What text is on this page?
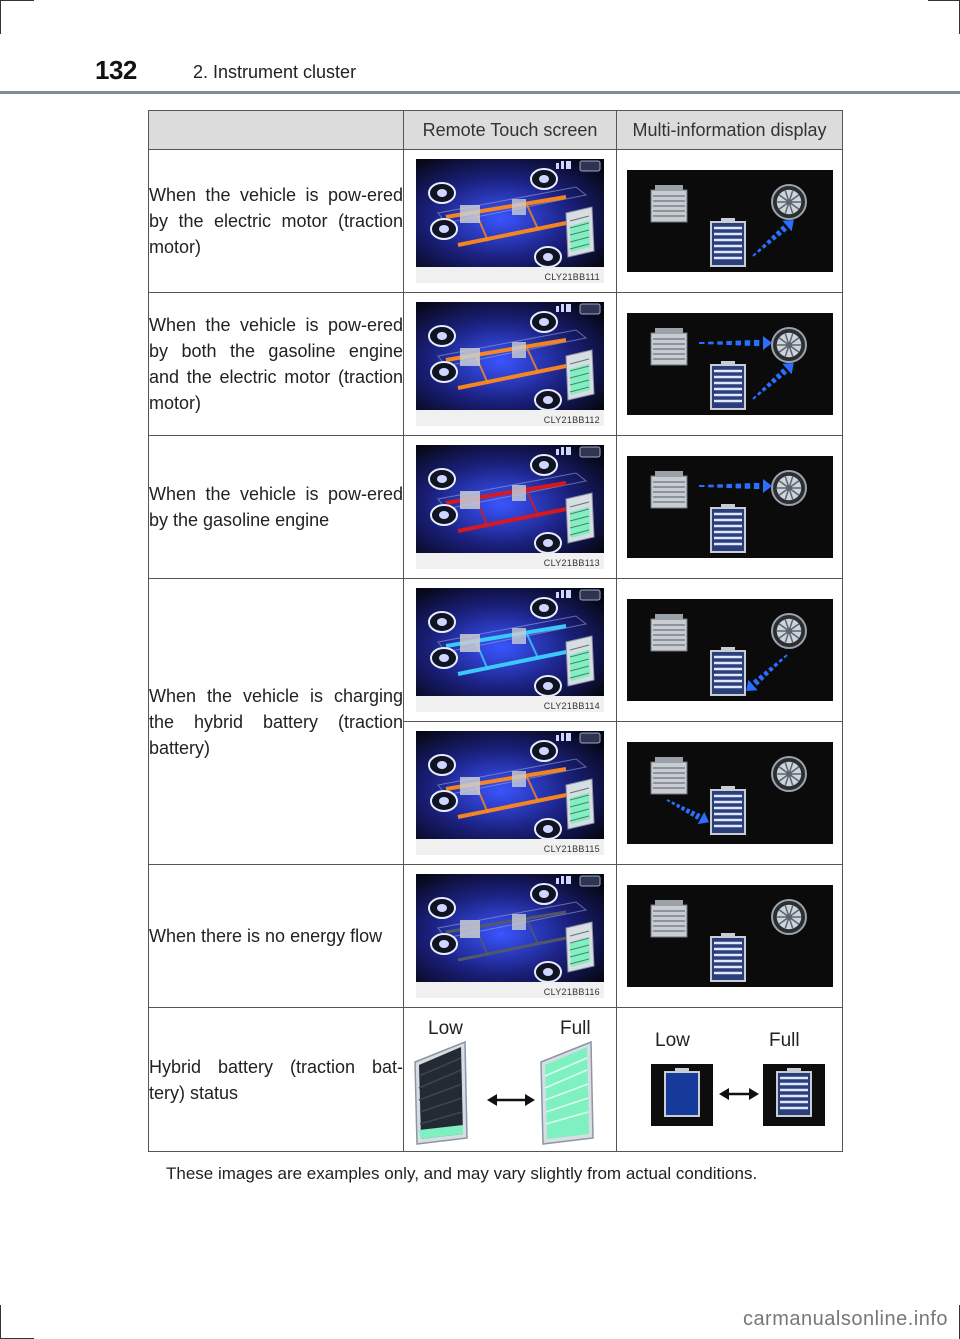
132	2. Instrument cluster
	Remote Touch screen	Multi-information display
When the vehicle is pow-ered by the electric motor (traction motor)	CLY21BB111

When the vehicle is pow-ered by both the gasoline engine and the electric motor (traction motor)	CLY21BB112

When the vehicle is pow-ered by the gasoline engine	CLY21BB113

When the vehicle is charging the hybrid battery (traction battery)	CLY21BB114

	CLY21BB115

When there is no energy flow	CLY21BB116

Hybrid battery (traction bat-tery) status	Low Full	Low Full
These images are examples only, and may vary slightly from actual conditions.
carmanualsonline.info
